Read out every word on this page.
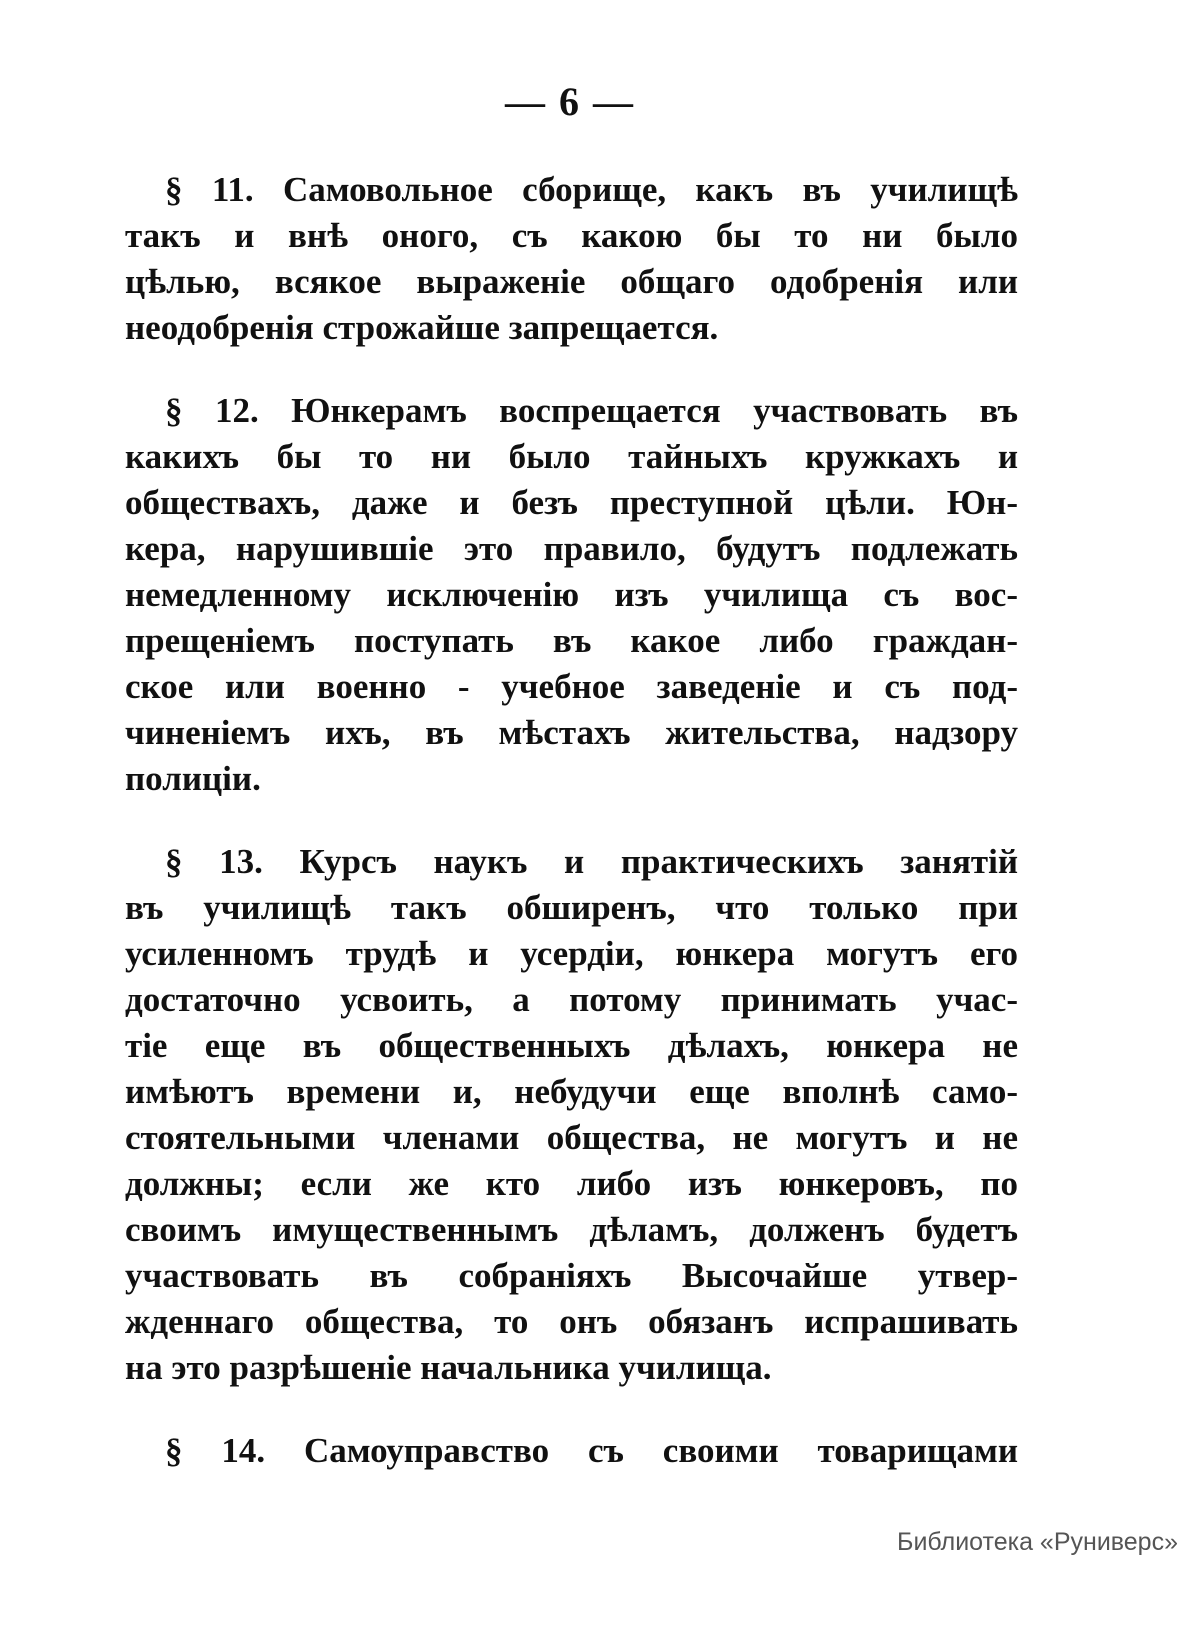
— 6 —
§ 11. Самовольное сборище, какъ въ училищѣ
такъ и внѣ оного, съ какою бы то ни было
цѣлью, всякое выраженіе общаго одобренія или
неодобренія строжайше запрещается.
§ 12. Юнкерамъ воспрещается участвовать въ
какихъ бы то ни было тайныхъ кружкахъ и
обществахъ, даже и безъ преступной цѣли. Юн-
кера, нарушившіе это правило, будутъ подлежать
немедленному исключенію изъ училища съ вос-
прещеніемъ поступать въ какое либо граждан-
ское или военно - учебное заведеніе и съ под-
чиненіемъ ихъ, въ мѣстахъ жительства, надзору
полиціи.
§ 13. Курсъ наукъ и практическихъ занятій
въ училищѣ такъ обширенъ, что только при
усиленномъ трудѣ и усердіи, юнкера могутъ его
достаточно усвоить, а потому принимать учас-
тіе еще въ общественныхъ дѣлахъ, юнкера не
имѣютъ времени и, небудучи еще вполнѣ само-
стоятельными членами общества, не могутъ и не
должны; если же кто либо изъ юнкеровъ, по
своимъ имущественнымъ дѣламъ, долженъ будетъ
участвовать въ собраніяхъ Высочайше утвер-
жденнаго общества, то онъ обязанъ испрашивать
на это разрѣшеніе начальника училища.
§ 14. Самоуправство съ своими товарищами
Библиотека «Руниверс»
